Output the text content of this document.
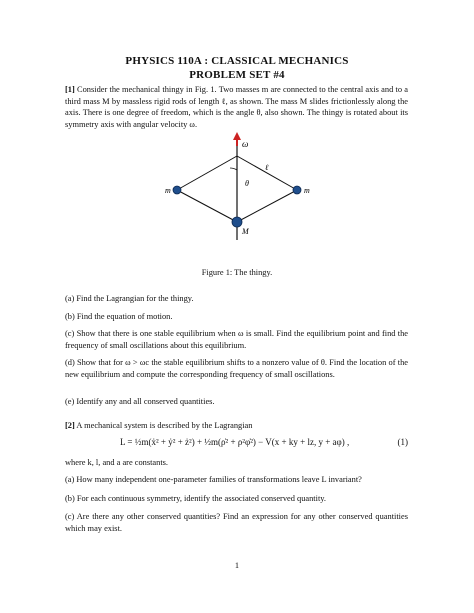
PHYSICS 110A : CLASSICAL MECHANICS
PROBLEM SET #4
[1] Consider the mechanical thingy in Fig. 1. Two masses m are connected to the central axis and to a third mass M by massless rigid rods of length ℓ, as shown. The mass M slides frictionlessly along the axis. There is one degree of freedom, which is the angle θ, also shown. The thingy is rotated about its symmetry axis with angular velocity ω.
ω
ℓ
θ
m	m
M
Figure 1: The thingy.
(a) Find the Lagrangian for the thingy.
(b) Find the equation of motion.
(c) Show that there is one stable equilibrium when ω is small. Find the equilibrium point and find the frequency of small oscillations about this equilibrium.
(d) Show that for ω > ωc the stable equilibrium shifts to a nonzero value of θ. Find the location of the new equilibrium and compute the corresponding frequency of small oscillations.
(e) Identify any and all conserved quantities.
[2] A mechanical system is described by the Lagrangian
L = ½m(ẋ² + ẏ² + ż²) + ½m(ρ̇² + ρ²φ̇²) − V(x + ky + lz, y + aφ) ,	(1)
where k, l, and a are constants.
(a) How many independent one-parameter families of transformations leave L invariant?
(b) For each continuous symmetry, identify the associated conserved quantity.
(c) Are there any other conserved quantities? Find an expression for any other conserved quantities which may exist.
1
